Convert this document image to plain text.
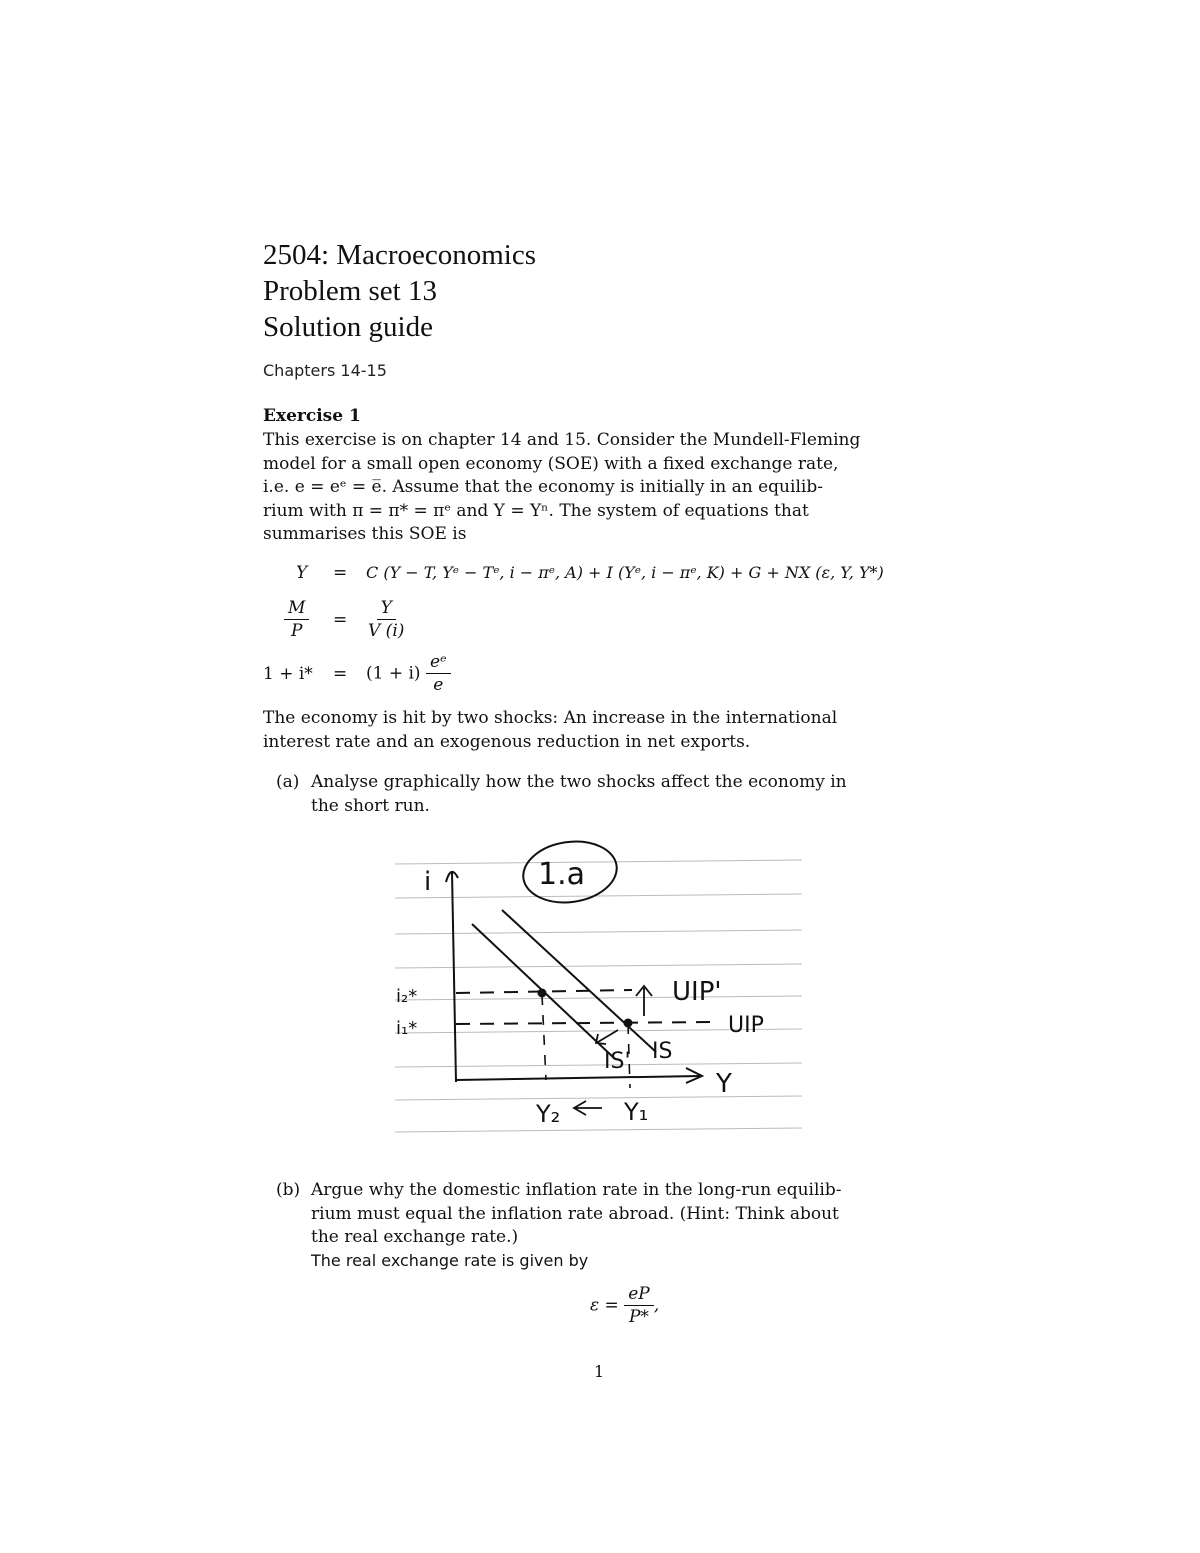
2504: Macroeconomics
Problem set 13
Solution guide
Chapters 14-15
Exercise 1
This exercise is on chapter 14 and 15. Consider the Mundell-Fleming
model for a small open economy (SOE) with a fixed exchange rate,
i.e. e = eᵉ = e̅. Assume that the economy is initially in an equilib-
rium with π = π* = πᵉ and Y = Yⁿ. The system of equations that
summarises this SOE is
Y = C (Y − T, Yᵉ − Tᵉ, i − πᵉ, A) + I (Yᵉ, i − πᵉ, K) + G + NX (ε, Y, Y*)
$\frac{M}{P} = \frac{Y}{V (i)}$
$1 + i* = (1 + i) \frac{\text{eᵉ}}{e}$
The economy is hit by two shocks: An increase in the international
interest rate and an exogenous reduction in net exports.
(a) Analyse graphically how the two shocks affect the economy in
the short run.
1.a
i
Y
i₂*
i₁*
UIP'
UIP
IS' IS
Y₂	Y₁
(b) Argue why the domestic inflation rate in the long-run equilib-
rium must equal the inflation rate abroad. (Hint: Think about
the real exchange rate.)
The real exchange rate is given by
$\varepsilon = \frac{eP}{P*}$ ,
1
